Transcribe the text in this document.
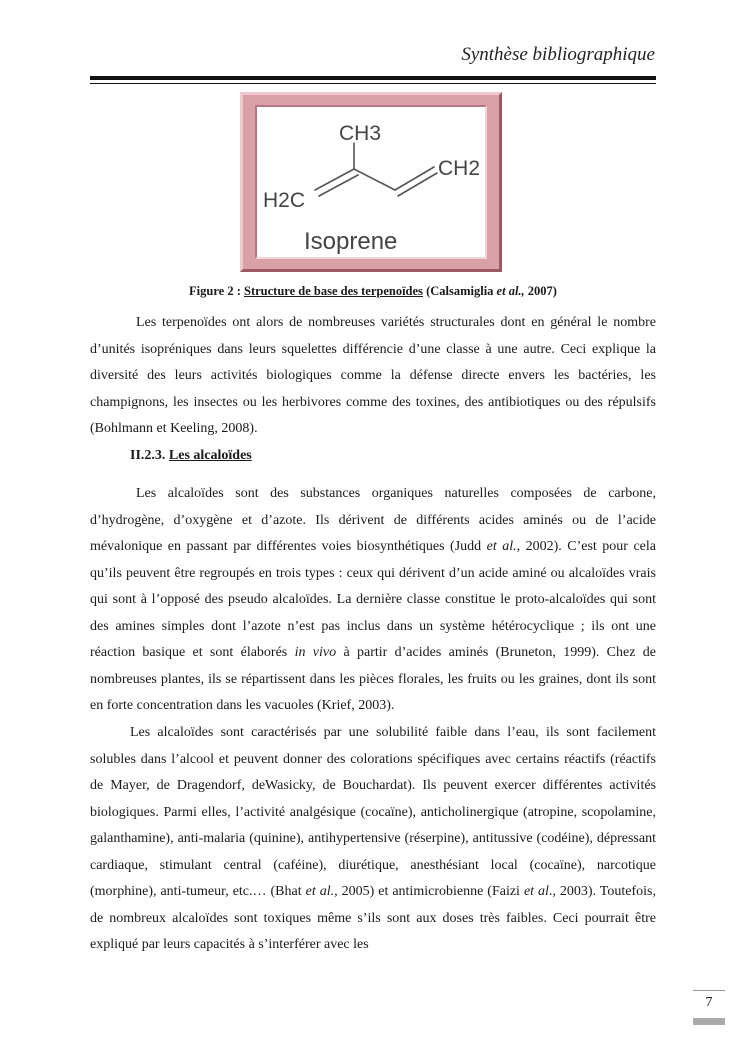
Synthèse bibliographique
CH3
CH2
H2C
Isoprene
Figure 2 : Structure de base des terpenoïdes (Calsamiglia et al., 2007)

Les terpenoïdes ont alors de nombreuses variétés structurales dont en général le nombre d’unités isopréniques dans leurs squelettes différencie d’une classe à une autre. Ceci explique la diversité des leurs activités biologiques comme la défense directe envers les bactéries, les champignons, les insectes ou les herbivores comme des toxines, des antibiotiques ou des répulsifs (Bohlmann et Keeling, 2008).

II.2.3. Les alcaloïdes

Les alcaloïdes sont des substances organiques naturelles composées de carbone, d’hydrogène, d’oxygène et d’azote. Ils dérivent de différents acides aminés ou de l’acide mévalonique en passant par différentes voies biosynthétiques (Judd et al., 2002). C’est pour cela qu’ils peuvent être regroupés en trois types : ceux qui dérivent d’un acide aminé ou alcaloïdes vrais qui sont à l’opposé des pseudo alcaloïdes. La dernière classe constitue le proto-alcaloïdes qui sont des amines simples dont l’azote n’est pas inclus dans un système hétérocyclique ; ils ont une réaction basique et sont élaborés in vivo à partir d’acides aminés (Bruneton, 1999). Chez de nombreuses plantes, ils se répartissent dans les pièces florales, les fruits ou les graines, dont ils sont en forte concentration dans les vacuoles (Krief, 2003).

Les alcaloïdes sont caractérisés par une solubilité faible dans l’eau, ils sont facilement solubles dans l’alcool et peuvent donner des colorations spécifiques avec certains réactifs (réactifs de Mayer, de Dragendorf, deWasicky, de Bouchardat). Ils peuvent exercer différentes activités biologiques. Parmi elles, l’activité analgésique (cocaïne), anticholinergique (atropine, scopolamine, galanthamine), anti-malaria (quinine), antihypertensive (réserpine), antitussive (codéine), dépressant cardiaque, stimulant central (caféine), diurétique, anesthésiant local (cocaïne), narcotique (morphine), anti-tumeur, etc.… (Bhat et al., 2005) et antimicrobienne (Faizi et al., 2003). Toutefois, de nombreux alcaloïdes sont toxiques même s’ils sont aux doses très faibles. Ceci pourrait être expliqué par leurs capacités à s’interférer avec les

7
